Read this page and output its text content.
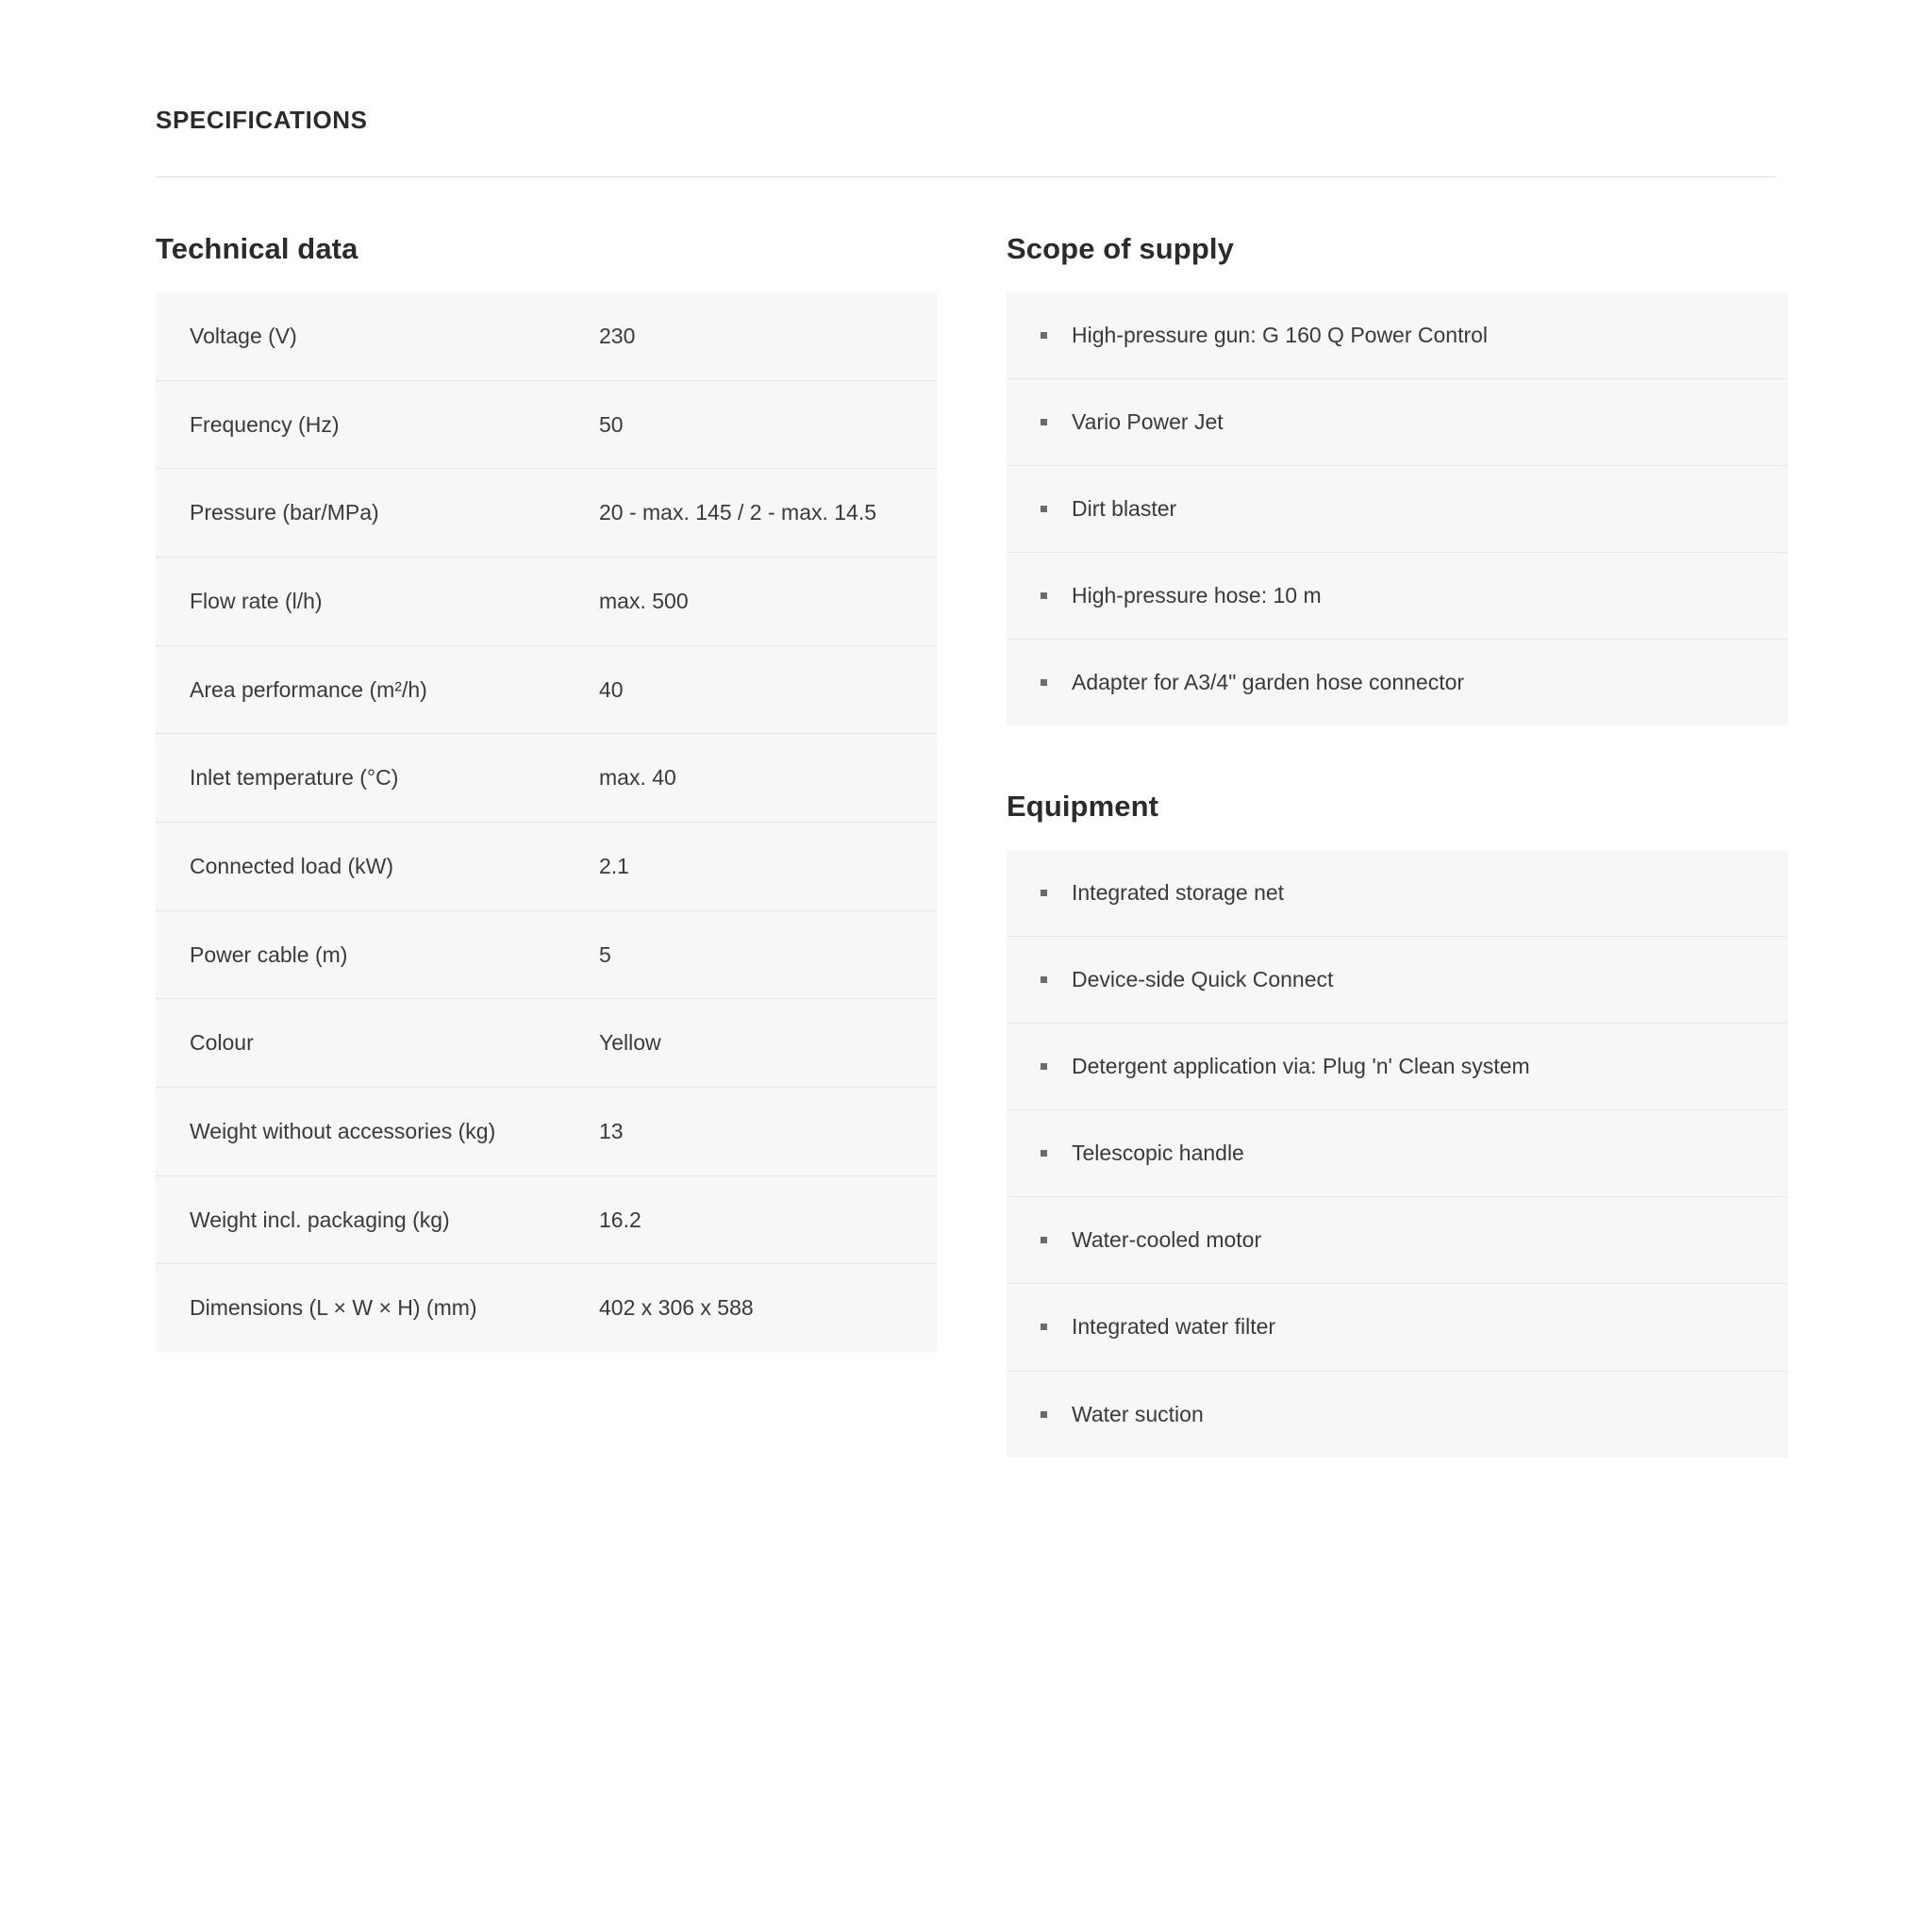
SPECIFICATIONS
Technical data
Voltage (V)	230
Frequency (Hz)	50
Pressure (bar/MPa)	20 - max. 145 / 2 - max. 14.5
Flow rate (l/h)	max. 500
Area performance (m²/h)	40
Inlet temperature (°C)	max. 40
Connected load (kW)	2.1
Power cable (m)	5
Colour	Yellow
Weight without accessories (kg)	13
Weight incl. packaging (kg)	16.2
Dimensions (L × W × H) (mm)	402 x 306 x 588
Scope of supply
High-pressure gun: G 160 Q Power Control
Vario Power Jet
Dirt blaster
High-pressure hose: 10 m
Adapter for A3/4" garden hose connector
Equipment
Integrated storage net
Device-side Quick Connect
Detergent application via: Plug 'n' Clean system
Telescopic handle
Water-cooled motor
Integrated water filter
Water suction
